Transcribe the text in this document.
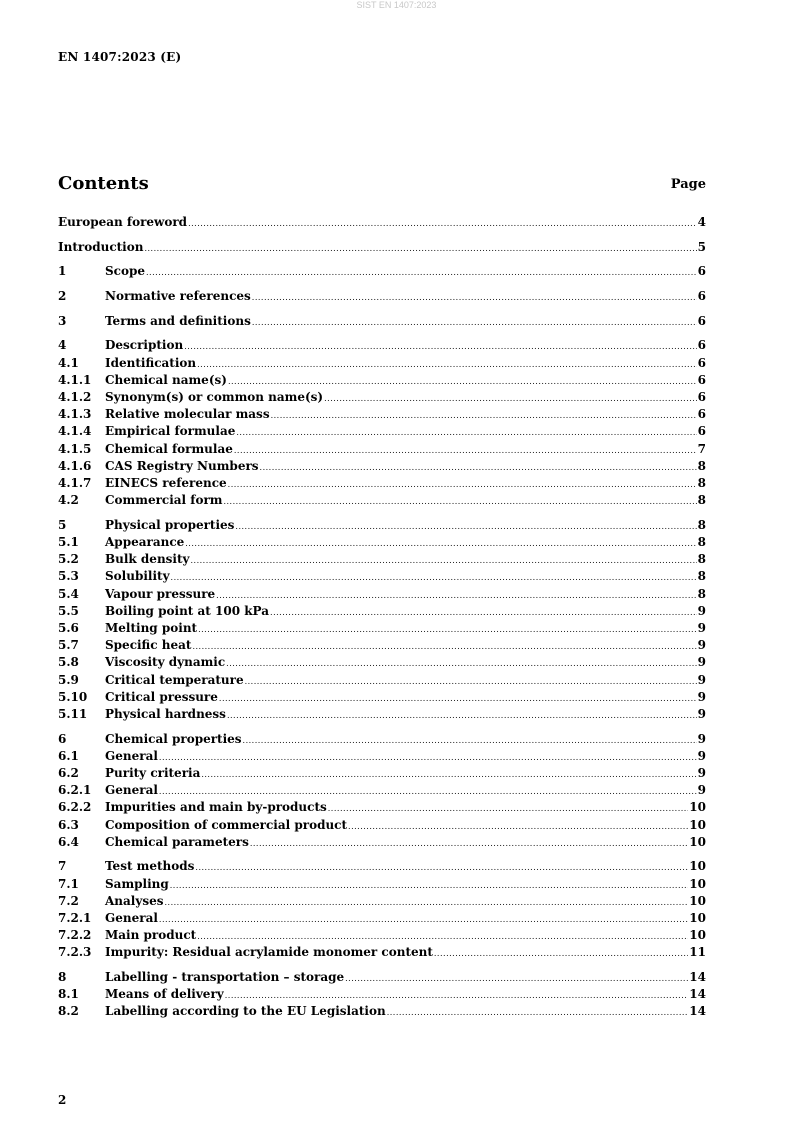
SIST EN 1407:2023
EN 1407:2023 (E)
Contents	Page
European foreword .....	4
Introduction .....	5
1	Scope .....	6
2	Normative references .....	6
3	Terms and definitions .....	6
4	Description .....	6
4.1	Identification .....	6
4.1.1	Chemical name(s) .....	6
4.1.2	Synonym(s) or common name(s) .....	6
4.1.3	Relative molecular mass .....	6
4.1.4	Empirical formulae .....	6
4.1.5	Chemical formulae .....	7
4.1.6	CAS Registry Numbers .....	8
4.1.7	EINECS reference .....	8
4.2	Commercial form .....	8
5	Physical properties .....	8
5.1	Appearance .....	8
5.2	Bulk density .....	8
5.3	Solubility .....	8
5.4	Vapour pressure .....	8
5.5	Boiling point at 100 kPa .....	9
5.6	Melting point .....	9
5.7	Specific heat .....	9
5.8	Viscosity dynamic .....	9
5.9	Critical temperature .....	9
5.10	Critical pressure .....	9
5.11	Physical hardness .....	9
6	Chemical properties .....	9
6.1	General .....	9
6.2	Purity criteria .....	9
6.2.1	General .....	9
6.2.2	Impurities and main by-products .....	10
6.3	Composition of commercial product .....	10
6.4	Chemical parameters .....	10
7	Test methods .....	10
7.1	Sampling .....	10
7.2	Analyses .....	10
7.2.1	General .....	10
7.2.2	Main product .....	10
7.2.3	Impurity: Residual acrylamide monomer content .....	11
8	Labelling - transportation – storage .....	14
8.1	Means of delivery .....	14
8.2	Labelling according to the EU Legislation .....	14
2
